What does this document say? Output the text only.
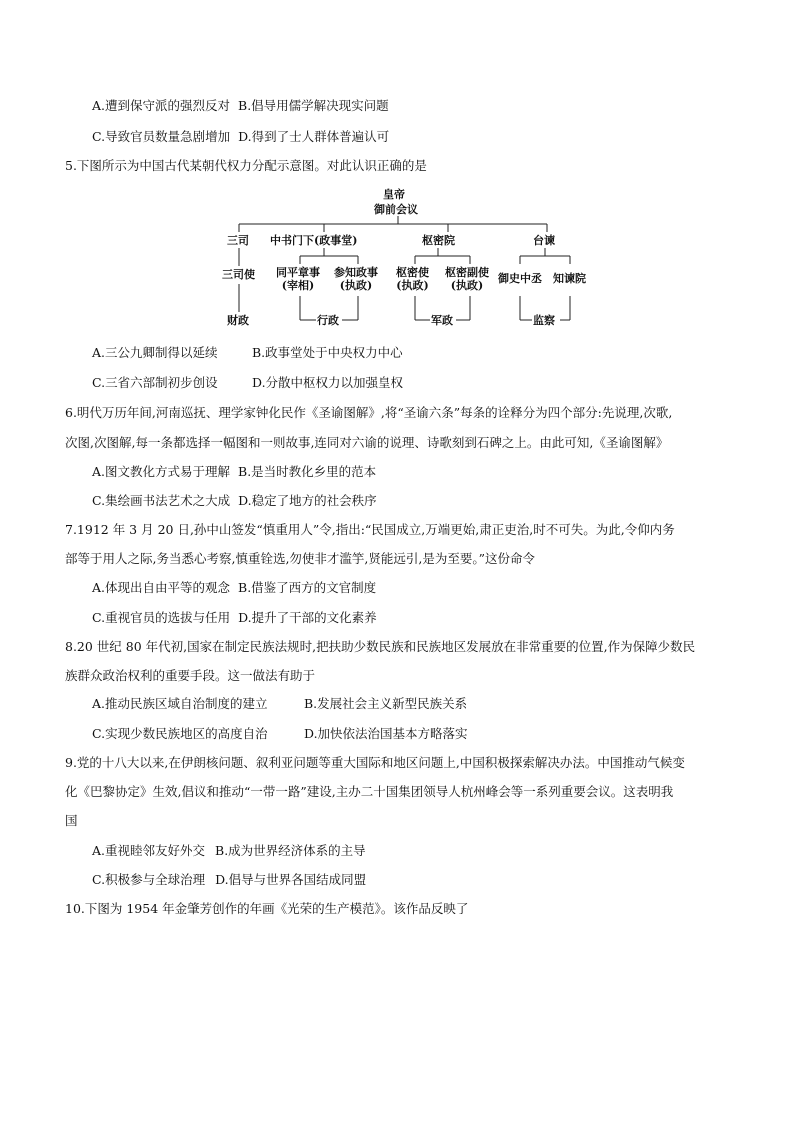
A.遭到保守派的强烈反对 B.倡导用儒学解决现实问题
C.导致官员数量急剧增加 D.得到了士人群体普遍认可
5.下图所示为中国古代某朝代权力分配示意图。对此认识正确的是
皇帝
御前会议
三司 中书门下(政事堂)	枢密院	台谏
三司使 同平章事
(宰相)
参知政事
(执政)
枢密使
(执政)
枢密副使
(执政)
御史中丞 知谏院
财政	行政	军政	监察
A.三公九卿制得以延续	B.政事堂处于中央权力中心
C.三省六部制初步创设	D.分散中枢权力以加强皇权
6.明代万历年间,河南巡抚、理学家钟化民作《圣谕图解》,将“圣谕六条”每条的诠释分为四个部分:先说理,次歌,
次图,次图解,每一条都选择一幅图和一则故事,连同对六谕的说理、诗歌刻到石碑之上。由此可知,《圣谕图解》
A.图文教化方式易于理解 B.是当时教化乡里的范本
C.集绘画书法艺术之大成 D.稳定了地方的社会秩序
7.1912 年 3 月 20 日,孙中山签发“慎重用人”令,指出:“民国成立,万端更始,肃正吏治,时不可失。为此,令仰内务
部等于用人之际,务当悉心考察,慎重铨选,勿使非才滥竽,贤能远引,是为至要。”这份命令
A.体现出自由平等的观念 B.借鉴了西方的文官制度
C.重视官员的选拔与任用 D.提升了干部的文化素养
8.20 世纪 80 年代初,国家在制定民族法规时,把扶助少数民族和民族地区发展放在非常重要的位置,作为保障少数民
族群众政治权利的重要手段。这一做法有助于
A.推动民族区域自治制度的建立	B.发展社会主义新型民族关系
C.实现少数民族地区的高度自治	D.加快依法治国基本方略落实
9.党的十八大以来,在伊朗核问题、叙利亚问题等重大国际和地区问题上,中国积极探索解决办法。中国推动气候变
化《巴黎协定》生效,倡议和推动“一带一路”建设,主办二十国集团领导人杭州峰会等一系列重要会议。这表明我
国
A.重视睦邻友好外交 B.成为世界经济体系的主导
C.积极参与全球治理 D.倡导与世界各国结成同盟
10.下图为 1954 年金肇芳创作的年画《光荣的生产模范》。该作品反映了
